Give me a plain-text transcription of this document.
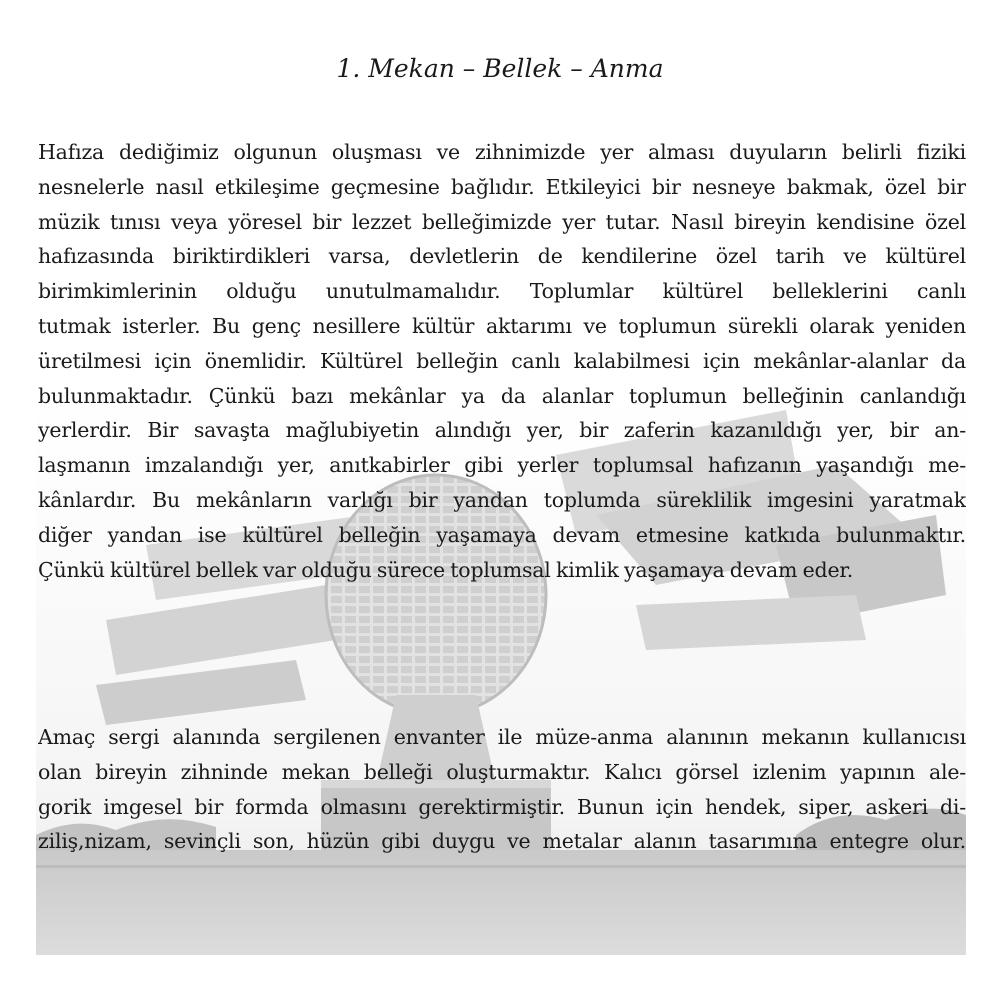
1. Mekan – Bellek – Anma
Hafıza dediğimiz olgunun oluşması ve zihnimizde yer alması duyuların belirli fiziki
nesnelerle nasıl etkileşime geçmesine bağlıdır. Etkileyici bir nesneye bakmak, özel bir
müzik tınısı veya yöresel bir lezzet belleğimizde yer tutar. Nasıl bireyin kendisine özel
hafızasında biriktirdikleri varsa, devletlerin de kendilerine özel tarih ve kültürel
birimkimlerinin olduğu unutulmamalıdır. Toplumlar kültürel belleklerini canlı
tutmak isterler. Bu genç nesillere kültür aktarımı ve toplumun sürekli olarak yeniden
üretilmesi için önemlidir. Kültürel belleğin canlı kalabilmesi için mekânlar-alanlar da
bulunmaktadır. Çünkü bazı mekânlar ya da alanlar toplumun belleğinin canlandığı
yerlerdir. Bir savaşta mağlubiyetin alındığı yer, bir zaferin kazanıldığı yer, bir an-
laşmanın imzalandığı yer, anıtkabirler gibi yerler toplumsal hafızanın yaşandığı me-
kânlardır. Bu mekânların varlığı bir yandan toplumda süreklilik imgesini yaratmak
diğer yandan ise kültürel belleğin yaşamaya devam etmesine katkıda bulunmaktır.
Çünkü kültürel bellek var olduğu sürece toplumsal kimlik yaşamaya devam eder.
Amaç sergi alanında sergilenen envanter ile müze-anma alanının mekanın kullanıcısı
olan bireyin zihninde mekan belleği oluşturmaktır. Kalıcı görsel izlenim yapının ale-
gorik imgesel bir formda olmasını gerektirmiştir. Bunun için hendek, siper, askeri di-
ziliş,nizam, sevinçli son, hüzün gibi duygu ve metalar alanın tasarımına entegre olur.
